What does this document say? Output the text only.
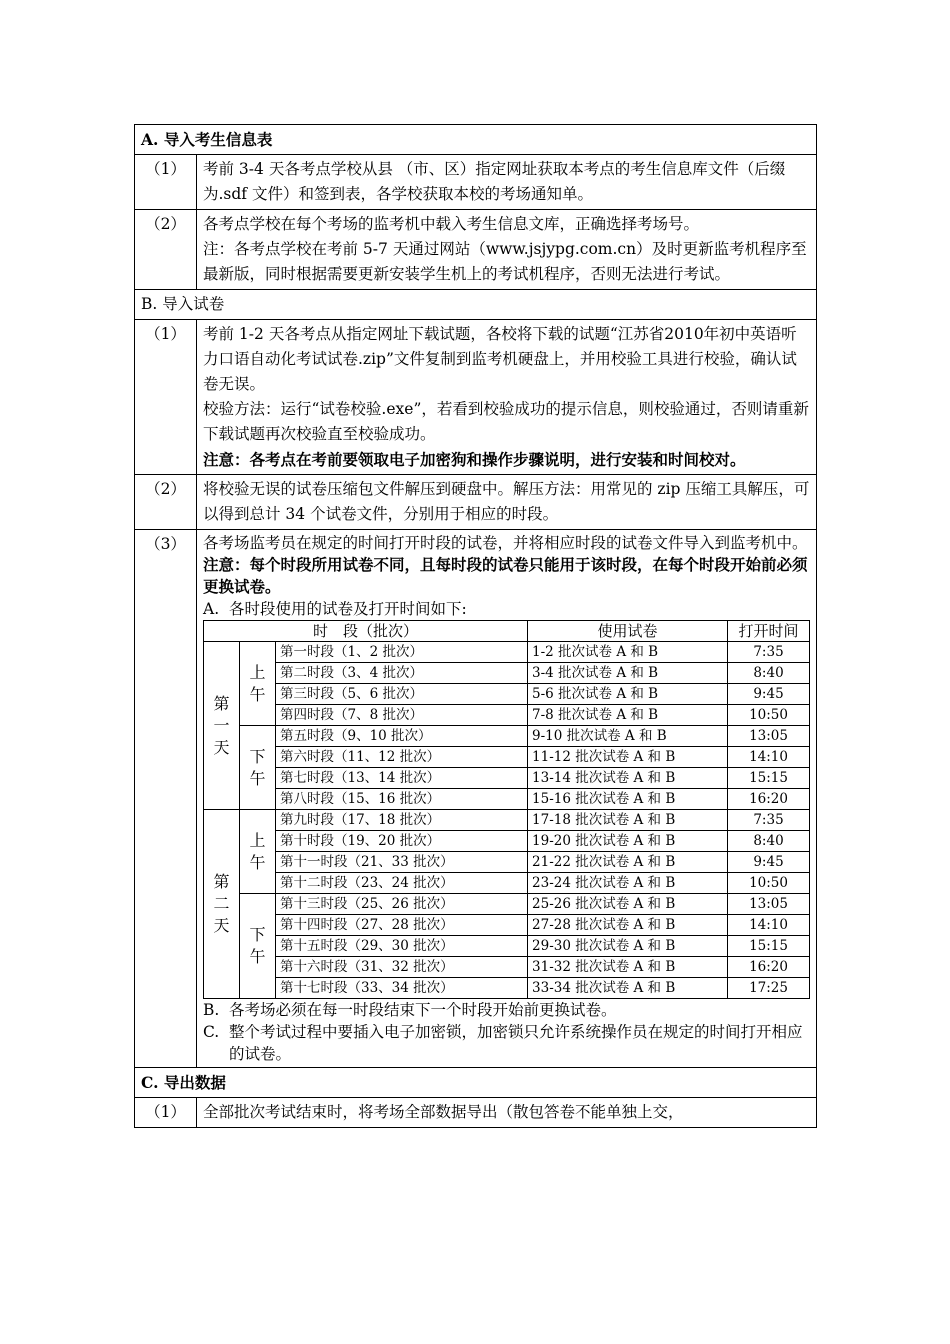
A. 导入考生信息表
（1）	考前 3-4 天各考点学校从县 （市、区）指定网址获取本考点的考生信息库文件（后缀为.sdf 文件）和签到表，各学校获取本校的考场通知单。

（2）	各考点学校在每个考场的监考机中载入考生信息文库，正确选择考场号。

注：各考点学校在考前 5-7 天通过网站（www.jsjypg.com.cn）及时更新监考机程序至最新版，同时根据需要更新安装学生机上的考试机程序，否则无法进行考试。

B. 导入试卷
（1）	考前 1-2 天各考点从指定网址下载试题，各校将下载的试题“江苏省2010年初中英语听力口语自动化考试试卷.zip”文件复制到监考机硬盘上，并用校验工具进行校验，确认试卷无误。

校验方法：运行“试卷校验.exe”，若看到校验成功的提示信息，则校验通过，否则请重新下载试题再次校验直至校验成功。

注意：各考点在考前要领取电子加密狗和操作步骤说明，进行安装和时间校对。

（2）	将校验无误的试卷压缩包文件解压到硬盘中。解压方法：用常见的 zip 压缩工具解压，可以得到总计 34 个试卷文件，分别用于相应的时段。

（3）	各考场监考员在规定的时间打开时段的试卷，并将相应时段的试卷文件导入到监考机中。

注意：每个时段所用试卷不同，且每时段的试卷只能用于该时段，在每个时段开始前必须更换试卷。

A. 各时段使用的试卷及打开时间如下:

时　段（批次）	使用试卷	打开时间

第
一
天

上
午
	第一时段（1、2 批次）	1-2 批次试卷 A 和 B	7:35
第二时段（3、4 批次）	3-4 批次试卷 A 和 B	8:40
第三时段（5、6 批次）	5-6 批次试卷 A 和 B	9:45
第四时段（7、8 批次）	7-8 批次试卷 A 和 B	10:50

下
午
	第五时段（9、10 批次）	9-10 批次试卷 A 和 B	13:05
第六时段（11、12 批次）	11-12 批次试卷 A 和 B	14:10
第七时段（13、14 批次）	13-14 批次试卷 A 和 B	15:15
第八时段（15、16 批次）	15-16 批次试卷 A 和 B	16:20

第
二
天

上
午
	第九时段（17、18 批次）	17-18 批次试卷 A 和 B	7:35
第十时段（19、20 批次）	19-20 批次试卷 A 和 B	8:40
第十一时段（21、33 批次）	21-22 批次试卷 A 和 B	9:45
第十二时段（23、24 批次）	23-24 批次试卷 A 和 B	10:50

下
午
	第十三时段（25、26 批次）	25-26 批次试卷 A 和 B	13:05
第十四时段（27、28 批次）	27-28 批次试卷 A 和 B	14:10
第十五时段（29、30 批次）	29-30 批次试卷 A 和 B	15:15
第十六时段（31、32 批次）	31-32 批次试卷 A 和 B	16:20
第十七时段（33、34 批次）	33-34 批次试卷 A 和 B	17:25

B. 各考场必须在每一时段结束下一个时段开始前更换试卷。

C. 整个考试过程中要插入电子加密锁，加密锁只允许系统操作员在规定的时间打开相应的试卷。

C. 导出数据
（1）	全部批次考试结束时，将考场全部数据导出（散包答卷不能单独上交，
